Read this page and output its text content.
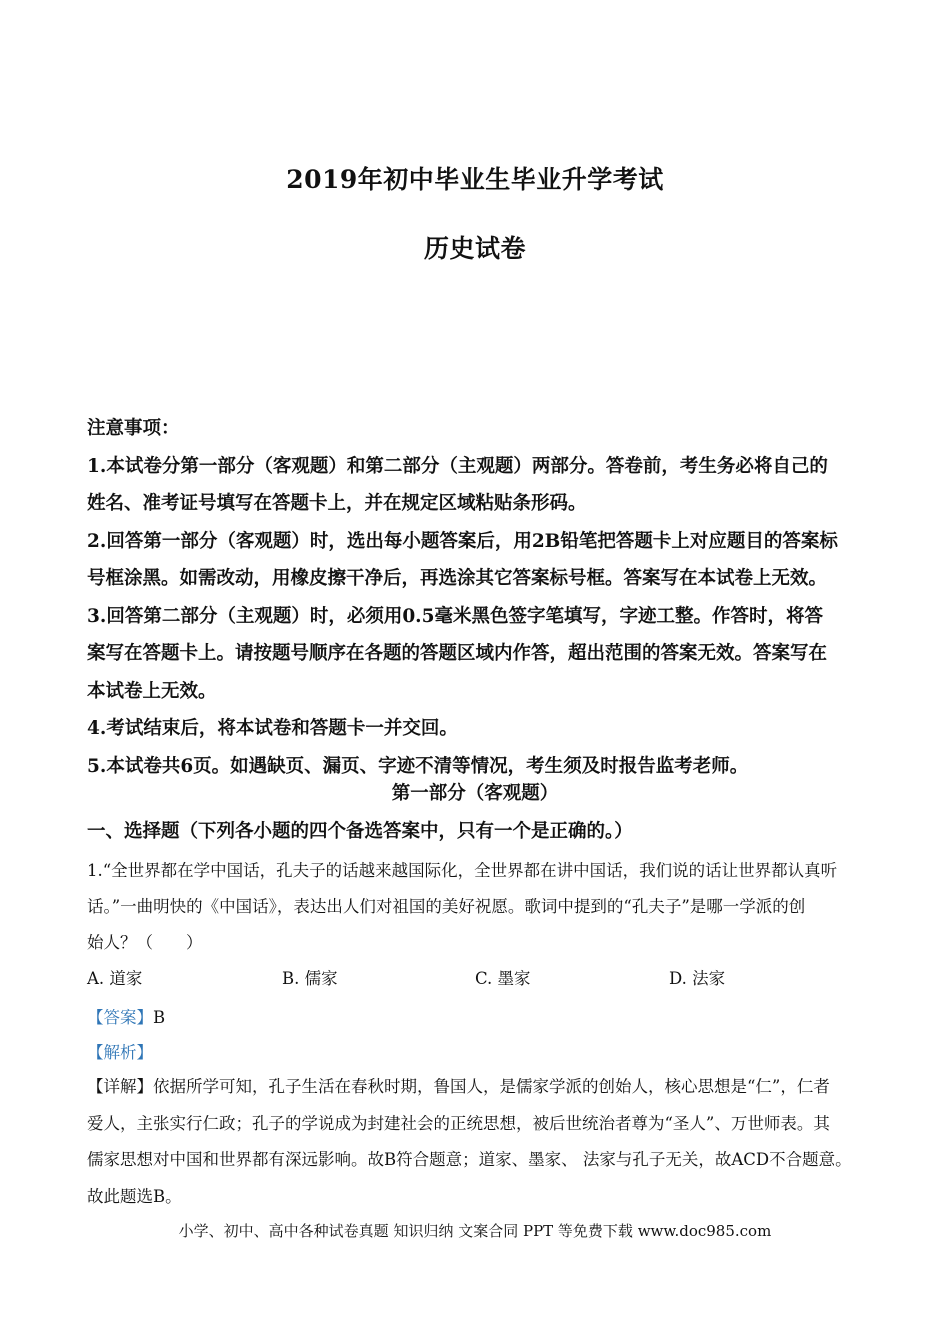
2019年初中毕业生毕业升学考试
历史试卷

注意事项：

1.本试卷分第一部分（客观题）和第二部分（主观题）两部分。答卷前，考生务必将自己的

姓名、准考证号填写在答题卡上，并在规定区域粘贴条形码。

2.回答第一部分（客观题）时，选出每小题答案后，用2B铅笔把答题卡上对应题目的答案标

号框涂黑。如需改动，用橡皮擦干净后，再选涂其它答案标号框。答案写在本试卷上无效。

3.回答第二部分（主观题）时，必须用0.5毫米黑色签字笔填写，字迹工整。作答时，将答

案写在答题卡上。请按题号顺序在各题的答题区域内作答，超出范围的答案无效。答案写在

本试卷上无效。

4.考试结束后，将本试卷和答题卡一并交回。

5.本试卷共6页。如遇缺页、漏页、字迹不清等情况，考生须及时报告监考老师。

第一部分（客观题）
一、选择题（下列各小题的四个备选答案中，只有一个是正确的。）

1.“全世界都在学中国话，孔夫子的话越来越国际化，全世界都在讲中国话，我们说的话让世界都认真听

话。”一曲明快的《中国话》，表达出人们对祖国的美好祝愿。歌词中提到的“孔夫子”是哪一学派的创

始人？（　　）

A. 道家	B. 儒家	C. 墨家	D. 法家
【答案】B
【解析】

【详解】依据所学可知，孔子生活在春秋时期，鲁国人，是儒家学派的创始人，核心思想是“仁”，仁者

爱人，主张实行仁政；孔子的学说成为封建社会的正统思想，被后世统治者尊为“圣人”、万世师表。其

儒家思想对中国和世界都有深远影响。故B符合题意；道家、墨家、 法家与孔子无关，故ACD不合题意。

故此题选B。

小学、初中、高中各种试卷真题 知识归纳 文案合同 PPT 等免费下载 www.doc985.com
